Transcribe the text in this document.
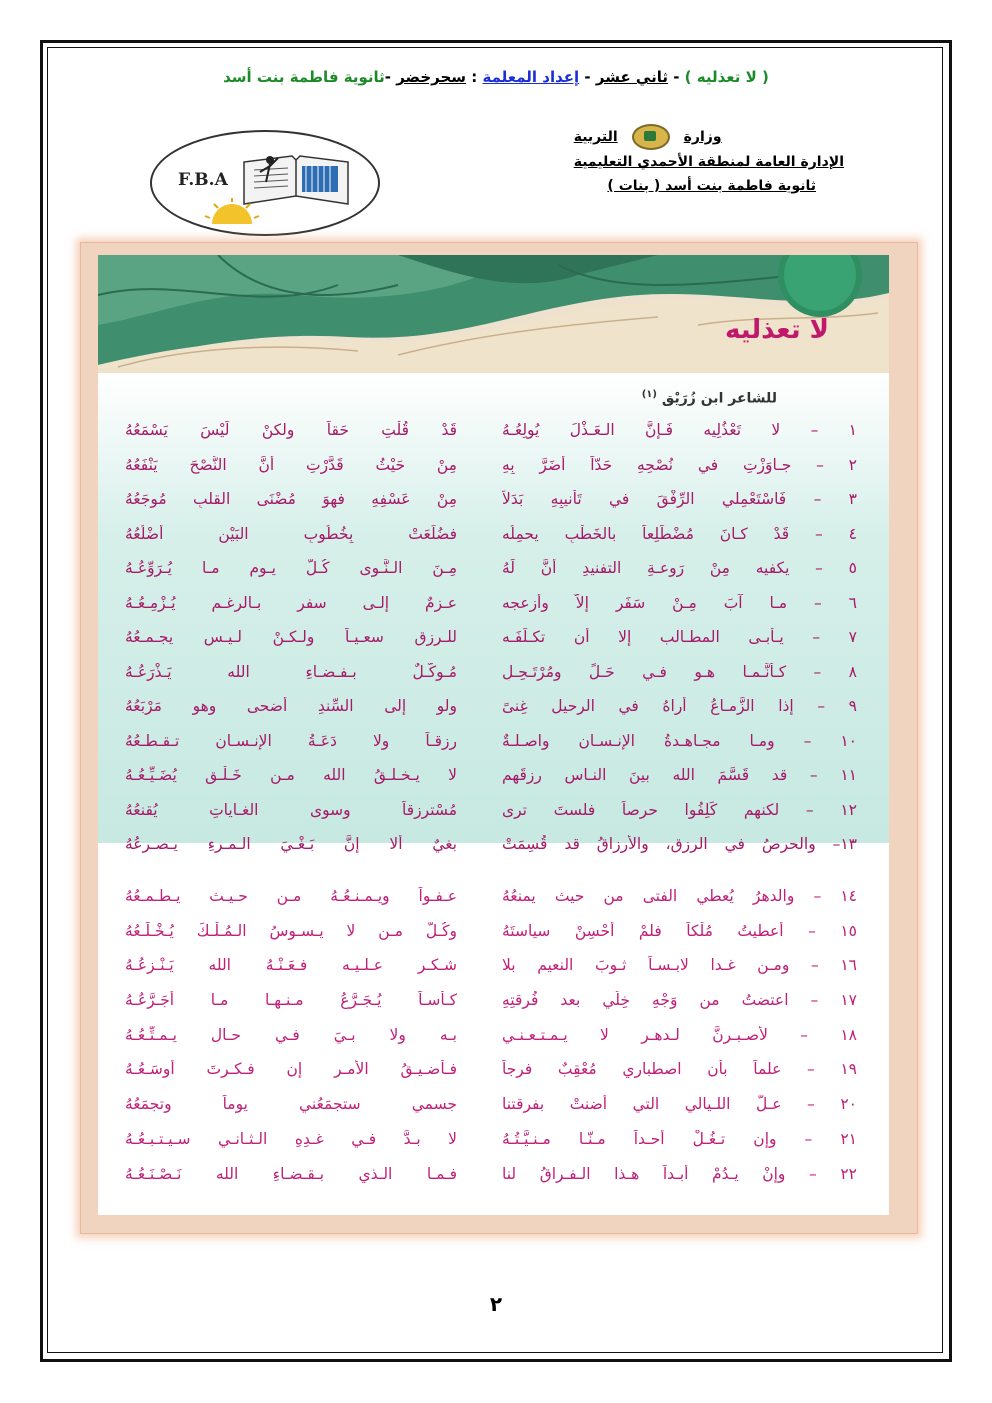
( لا تعذليه ) - ثاني عشر - إعداد المعلمة : سحرخضر -ثانوية فاطمة بنت أسد
وزارة
التربية
الإدارة العامة لمنطقة الأحمدي التعليمية
ثانوية فاطمة بنت أسد ( بنات )
F.B.A
لا تعذليه
للشاعر ابن زُرَيْق $^{(١)}$
١ – لا تَعْذُلِيه فَـإِنَّ الـعَـذْلَ يُولِعُـهُ
قَدْ قُلْتِ حَقاً ولكنْ لَيْسَ يَسْمَعُهُ
٢ – جـاوَزْتِ في نُصْحِهِ حَدّاً أَضَرَّ بِهِ
مِنْ حَيْثُ قَدَّرْتِ أنَّ النُّصْحَ يَنْفَعُهُ
٣ – فَاسْتَعْمِلي الرِّفْقَ في تَأْنيبِهِ بَدَلاً
مِنْ عَسْفِهِ فهوَ مُضْنَى القلبِ مُوجَعُهُ
٤ – قَدْ كـانَ مُضْطَلِعاً بالخَطْبِ يحمِلُه
فضُلِّعَتْ بِخُطُوبِ البَيْنِ أضْلُعُهُ
٥ – يكفيه مِنْ رَوعـةِ التفنيدِ أنَّ لَهُ
مِـنَ الـنَّـوى كُـلَّ يـومٍ مـا يُـرَوِّعُـهُ
٦ – مـا آبَ مِـنْ سَفَرٍ إلاّ وأزعجه
عـزمٌ إلـى سفرٍ بـالرغـمِ يُـزْمِـعُـهُ
٧ – يـأبـى المطـالب إلا أن تكـلِّفَـه
للـرزقِ سعـيـاً ولـكـنْ لـيـس يجـمـعُهُ
٨ – كـأنَّـمـا هـو فـي حَـلٍّ ومُرْتَـحِـلٍ
مُـوكَّـلٌ بـفـضـاءِ الله يَـذْرَعُـهُ
٩ – إذا الزَّمـاعُ أراهُ في الرحيلِ غِنىً
ولو إلى السِّندِ أضحى وهو مَرْبَعُهُ
١٠ – ومـا مجـاهـدةُ الإنـسـانِ واصـلـةٌ
رزقـاً ولا دَعَـةُ الإنـسـانِ تـقـطـعُهُ
١١ – قد قَسَّمَ الله بينَ النـاسِ رزقَهم
لا يـخـلـقُ الله مـن خَـلْـقٍ يُضَـيِّـعُـهُ
١٢ – لكنهم كَلِفُوا حرصاً فلستَ ترى
مُسْترزقاً وسوى الغـاياتِ يُقنعُهُ
١٣– والحرصُ في الرزقِ، والأرزاقُ قد قُسِمَتْ
بغيٌ ألا إنَّ بَـغْـيَ الـمـرءِ يـصـرعُهُ
١٤ – والدهرُ يُعطي الفتى من حيث يمنعُهُ
عـفـواً ويـمـنـعُـهُ مـن حـيـث يـطـمـعُهُ
١٥ – أُعطيتُ مُلْكاً فلمْ أُحْسِنْ سياستَهُ
وكُـلُّ مـن لا يـسـوسُ الـمُـلْـكَ يُـخْـلَـعُهُ
١٦ – ومـن غـدا لابـسـاً ثـوبَ النعيمِ بلا
شـكـرٍ عـلـيـه فـعَـنْـهُ الله يَـنْـزِعُـهُ
١٧ – اعتضتُ من وَجْهِ خِلّي بعد فُرقتِهِ
كـأسـاً يُـجَـرَّعُ مـنـهـا مـا أُجَـرَّعُـهُ
١٨ – لأصـبـرنَّ لـدهـرٍ لا يـمـتـعـنـي
بـه ولا بـيَ فـي حـالٍ يـمـتِّـعُـهُ
١٩ – علماً بأن اصطباري مُعْقِبٌ فرجاً
فـأضـيـقُ الأمـرِ إن فـكـرتَ أوسَـعُـهُ
٢٠ – عـلَّ اللـيالي التي أضنتْ بفرقتنا
جسمي ستجمَعُني يوماً وتجمَعُهُ
٢١ – وإن تـغُـلْ أحـداً مـنّـا مـنـيَّـتُـهُ
لا بـدَّ فـي غـدِهِ الـثـانـي سـيـتـبـعُـهُ
٢٢ – وإنْ يـدُمْ أبـداً هـذا الـفـراقُ لنا
فـمـا الـذي بـقـضـاءِ الله نَـصْـنَـعُـهُ
٢
